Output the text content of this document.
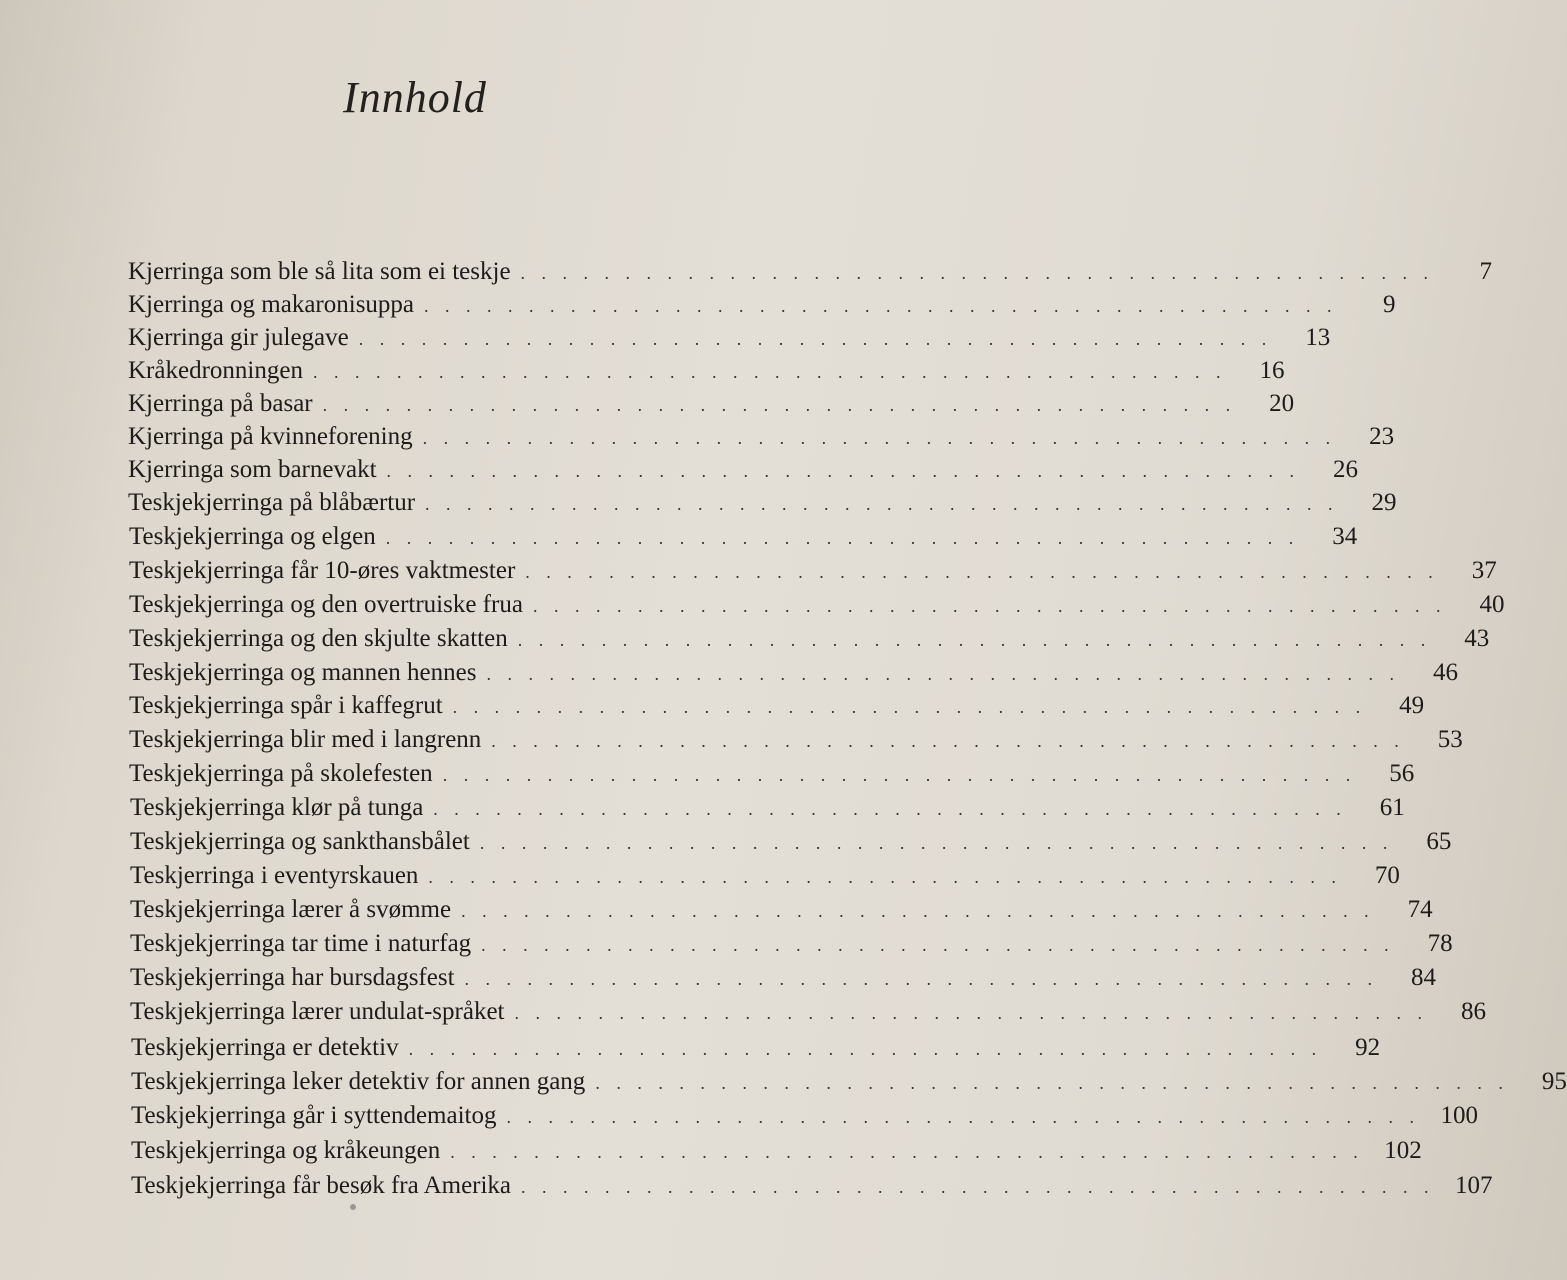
Innhold
Kjerringa som ble så lita som ei teskje . . . . . . . . . . . . . . . . . . . . . . . . . . . . . . . . . . . . . . . . . . . .	7
Kjerringa og makaronisuppa . . . . . . . . . . . . . . . . . . . . . . . . . . . . . . . . . . . . . . . . . . . .	9
Kjerringa gir julegave . . . . . . . . . . . . . . . . . . . . . . . . . . . . . . . . . . . . . . . . . . . .	13
Kråkedronningen . . . . . . . . . . . . . . . . . . . . . . . . . . . . . . . . . . . . . . . . . . . .	16
Kjerringa på basar . . . . . . . . . . . . . . . . . . . . . . . . . . . . . . . . . . . . . . . . . . . .	20
Kjerringa på kvinneforening . . . . . . . . . . . . . . . . . . . . . . . . . . . . . . . . . . . . . . . . . . . .	23
Kjerringa som barnevakt . . . . . . . . . . . . . . . . . . . . . . . . . . . . . . . . . . . . . . . . . . . .	26
Teskjekjerringa på blåbærtur . . . . . . . . . . . . . . . . . . . . . . . . . . . . . . . . . . . . . . . . . . . .	29
Teskjekjerringa og elgen . . . . . . . . . . . . . . . . . . . . . . . . . . . . . . . . . . . . . . . . . . . .	34
Teskjekjerringa får 10-øres vaktmester . . . . . . . . . . . . . . . . . . . . . . . . . . . . . . . . . . . . . . . . . . . .	37
Teskjekjerringa og den overtruiske frua . . . . . . . . . . . . . . . . . . . . . . . . . . . . . . . . . . . . . . . . . . . .	40
Teskjekjerringa og den skjulte skatten . . . . . . . . . . . . . . . . . . . . . . . . . . . . . . . . . . . . . . . . . . . .	43
Teskjekjerringa og mannen hennes . . . . . . . . . . . . . . . . . . . . . . . . . . . . . . . . . . . . . . . . . . . .	46
Teskjekjerringa spår i kaffegrut . . . . . . . . . . . . . . . . . . . . . . . . . . . . . . . . . . . . . . . . . . . .	49
Teskjekjerringa blir med i langrenn . . . . . . . . . . . . . . . . . . . . . . . . . . . . . . . . . . . . . . . . . . . .	53
Teskjekjerringa på skolefesten . . . . . . . . . . . . . . . . . . . . . . . . . . . . . . . . . . . . . . . . . . . .	56
Teskjekjerringa klør på tunga . . . . . . . . . . . . . . . . . . . . . . . . . . . . . . . . . . . . . . . . . . . .	61
Teskjekjerringa og sankthansbålet . . . . . . . . . . . . . . . . . . . . . . . . . . . . . . . . . . . . . . . . . . . .	65
Teskjerringa i eventyrskauen . . . . . . . . . . . . . . . . . . . . . . . . . . . . . . . . . . . . . . . . . . . .	70
Teskjekjerringa lærer å svømme . . . . . . . . . . . . . . . . . . . . . . . . . . . . . . . . . . . . . . . . . . . .	74
Teskjekjerringa tar time i naturfag . . . . . . . . . . . . . . . . . . . . . . . . . . . . . . . . . . . . . . . . . . . .	78
Teskjekjerringa har bursdagsfest . . . . . . . . . . . . . . . . . . . . . . . . . . . . . . . . . . . . . . . . . . . .	84
Teskjekjerringa lærer undulat-språket . . . . . . . . . . . . . . . . . . . . . . . . . . . . . . . . . . . . . . . . . . . .	86
Teskjekjerringa er detektiv . . . . . . . . . . . . . . . . . . . . . . . . . . . . . . . . . . . . . . . . . . . .	92
Teskjekjerringa leker detektiv for annen gang . . . . . . . . . . . . . . . . . . . . . . . . . . . . . . . . . . . . . . . . . . . .	95
Teskjekjerringa går i syttendemaitog . . . . . . . . . . . . . . . . . . . . . . . . . . . . . . . . . . . . . . . . . . . . 100
Teskjekjerringa og kråkeungen . . . . . . . . . . . . . . . . . . . . . . . . . . . . . . . . . . . . . . . . . . . . 102
Teskjekjerringa får besøk fra Amerika . . . . . . . . . . . . . . . . . . . . . . . . . . . . . . . . . . . . . . . . . . . . 107
